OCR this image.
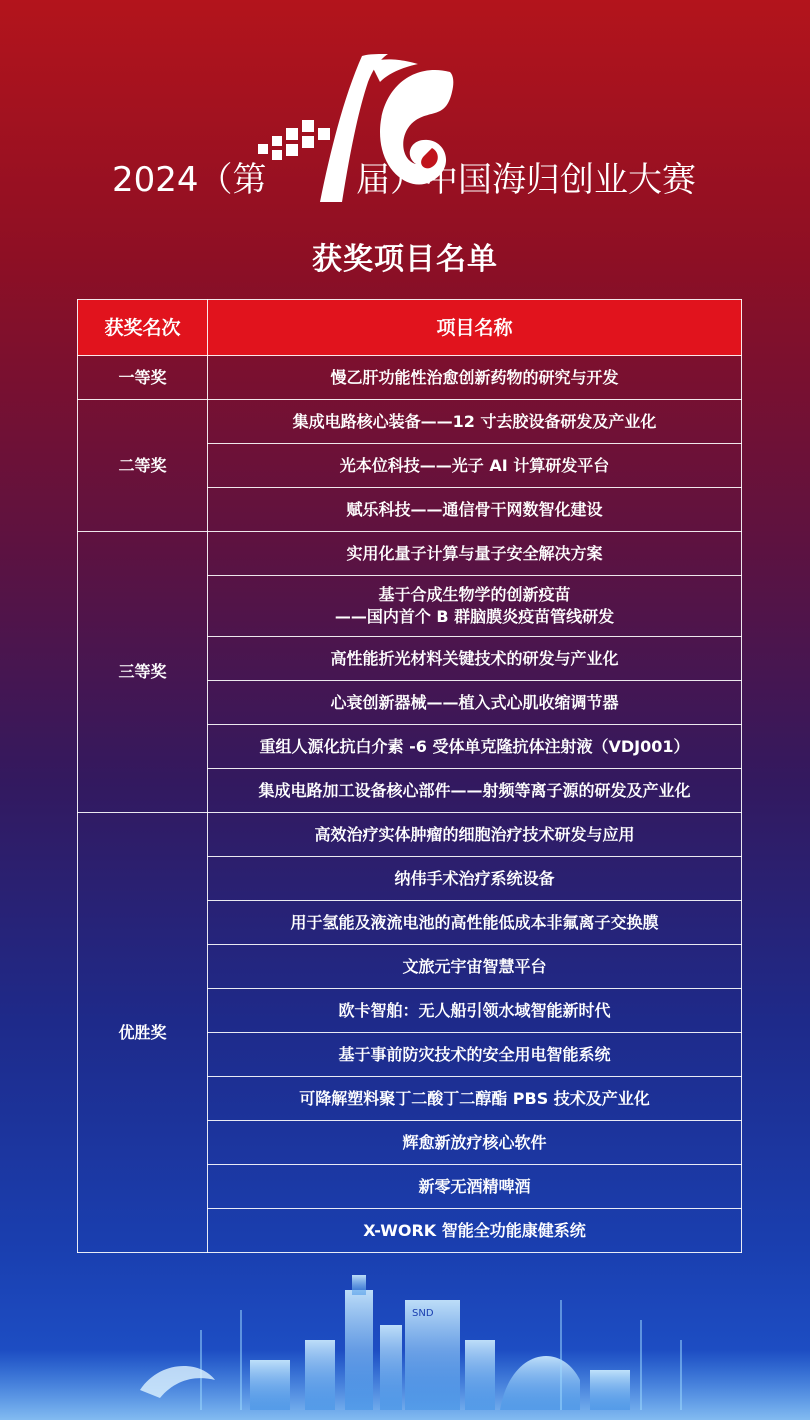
2024（第	届）中国海归创业大赛
获奖项目名单
获奖名次	项目名称
一等奖	慢乙肝功能性治愈创新药物的研究与开发
二等奖	集成电路核心装备——12 寸去胶设备研发及产业化
	光本位科技——光子 AI 计算研发平台
	赋乐科技——通信骨干网数智化建设
三等奖	实用化量子计算与量子安全解决方案
	基于合成生物学的创新疫苗
——国内首个 B 群脑膜炎疫苗管线研发
	高性能折光材料关键技术的研发与产业化
	心衰创新器械——植入式心肌收缩调节器
	重组人源化抗白介素 -6 受体单克隆抗体注射液（VDJ001）
	集成电路加工设备核心部件——射频等离子源的研发及产业化
优胜奖	高效治疗实体肿瘤的细胞治疗技术研发与应用
	纳伟手术治疗系统设备
	用于氢能及液流电池的高性能低成本非氟离子交换膜
	文旅元宇宙智慧平台
	欧卡智舶：无人船引领水域智能新时代
	基于事前防灾技术的安全用电智能系统
	可降解塑料聚丁二酸丁二醇酯 PBS 技术及产业化
	辉愈新放疗核心软件
	新零无酒精啤酒
	X-WORK 智能全功能康健系统
SND
